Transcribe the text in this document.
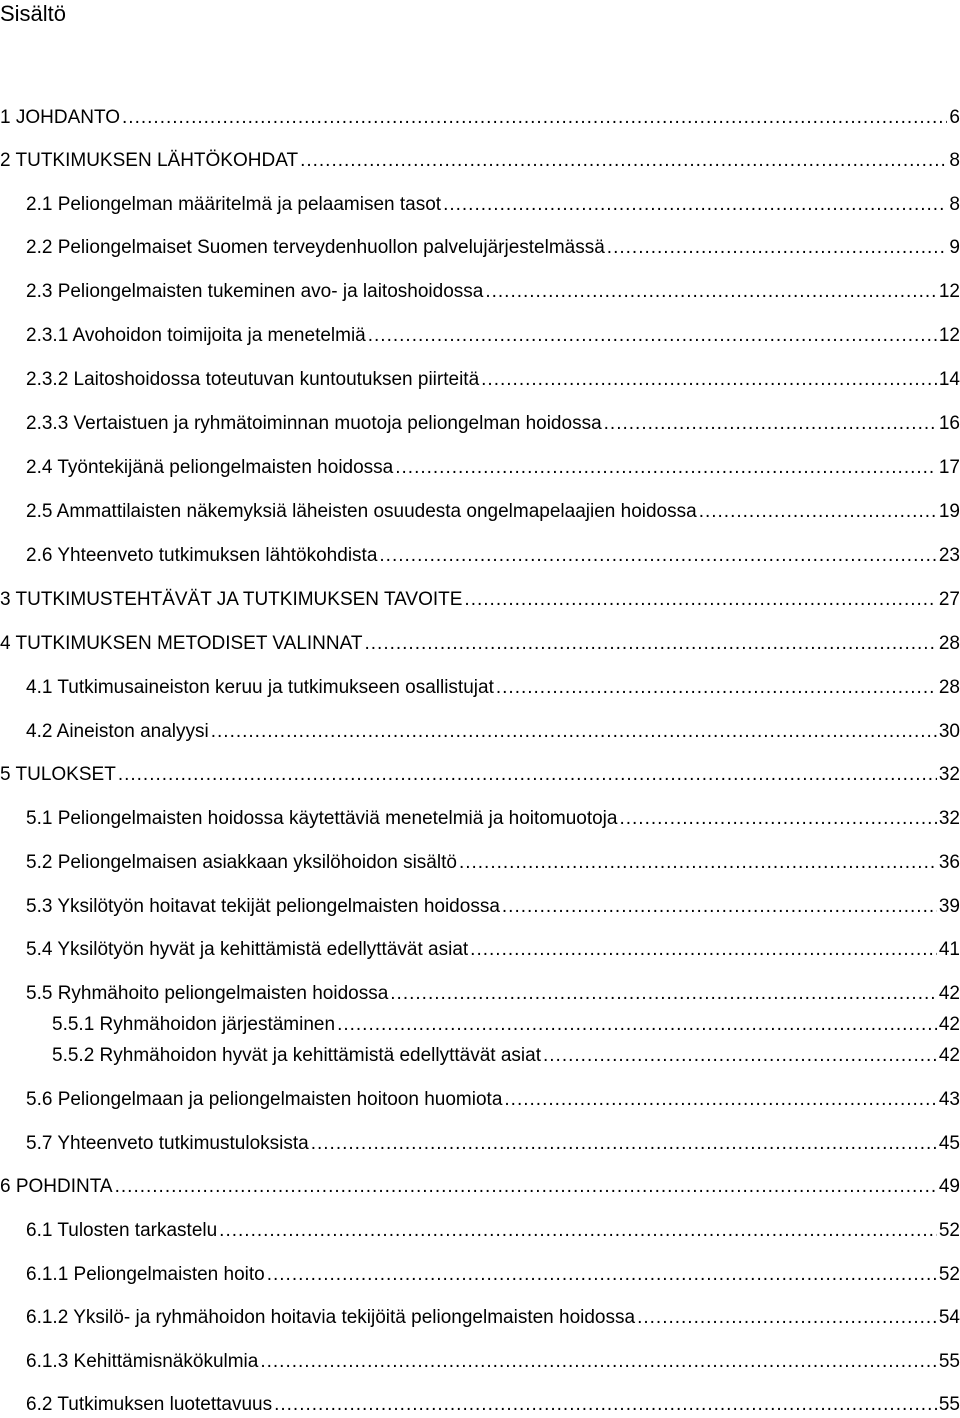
Sisältö
1 JOHDANTO .....	6
2 TUTKIMUKSEN LÄHTÖKOHDAT .....	8
2.1 Peliongelman määritelmä ja pelaamisen tasot .....	8
2.2 Peliongelmaiset Suomen terveydenhuollon palvelujärjestelmässä .....	9
2.3 Peliongelmaisten tukeminen avo- ja laitoshoidossa .....	12
2.3.1 Avohoidon toimijoita ja menetelmiä .....	12
2.3.2 Laitoshoidossa toteutuvan kuntoutuksen piirteitä .....	14
2.3.3 Vertaistuen ja ryhmätoiminnan muotoja peliongelman hoidossa .....	16
2.4 Työntekijänä peliongelmaisten hoidossa .....	17
2.5 Ammattilaisten näkemyksiä läheisten osuudesta ongelmapelaajien hoidossa .....	19
2.6 Yhteenveto tutkimuksen lähtökohdista .....	23
3 TUTKIMUSTEHTÄVÄT JA TUTKIMUKSEN TAVOITE .....	27
4 TUTKIMUKSEN METODISET VALINNAT .....	28
4.1 Tutkimusaineiston keruu ja tutkimukseen osallistujat .....	28
4.2 Aineiston analyysi .....	30
5 TULOKSET .....	32
5.1 Peliongelmaisten hoidossa käytettäviä menetelmiä ja hoitomuotoja .....	32
5.2 Peliongelmaisen asiakkaan yksilöhoidon sisältö .....	36
5.3 Yksilötyön hoitavat tekijät peliongelmaisten hoidossa .....	39
5.4 Yksilötyön hyvät ja kehittämistä edellyttävät asiat .....	41
5.5 Ryhmähoito peliongelmaisten hoidossa .....	42
5.5.1 Ryhmähoidon järjestäminen .....	42
5.5.2 Ryhmähoidon hyvät ja kehittämistä edellyttävät asiat .....	42
5.6 Peliongelmaan ja peliongelmaisten hoitoon huomiota .....	43
5.7 Yhteenveto tutkimustuloksista .....	45
6 POHDINTA .....	49
6.1 Tulosten tarkastelu .....	52
6.1.1 Peliongelmaisten hoito .....	52
6.1.2 Yksilö- ja ryhmähoidon hoitavia tekijöitä peliongelmaisten hoidossa .....	54
6.1.3 Kehittämisnäkökulmia .....	55
6.2 Tutkimuksen luotettavuus .....	55
